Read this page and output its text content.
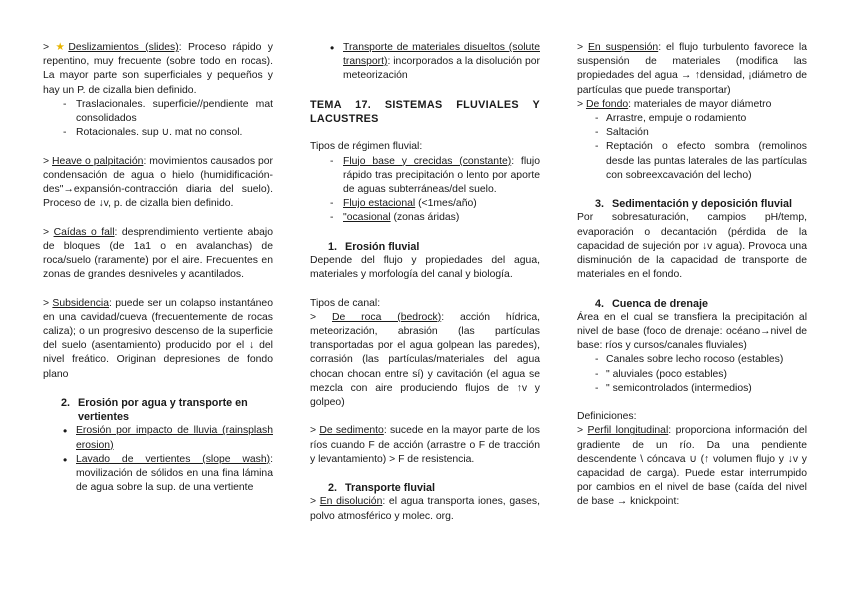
> ★Deslizamientos (slides): Proceso rápido y repentino, muy frecuente (sobre todo en rocas). La mayor parte son superficiales y pequeños y hay un P. de cizalla bien definido.

- Traslacionales. superficie//pendiente mat consolidados
- Rotacionales. sup ∪. mat no consol.

> Heave o palpitación: movimientos causados por condensación de agua o hielo (humidificación-des"→expansión-contracción diaria del suelo). Proceso de ↓v, p. de cizalla bien definido.

> Caídas o fall: desprendimiento vertiente abajo de bloques (de 1a1 o en avalanchas) de roca/suelo (raramente) por el aire. Frecuentes en zonas de grandes desniveles y acantilados.

> Subsidencia: puede ser un colapso instantáneo en una cavidad/cueva (frecuentemente de rocas caliza); o un progresivo descenso de la superficie del suelo (asentamiento) producido por el ↓ del nivel freático. Originan depresiones de fondo plano

2. Erosión por agua y transporte en vertientes
• Erosión por impacto de lluvia (rainsplash erosion)
• Lavado de vertientes (slope wash): movilización de sólidos en una fina lámina de agua sobre la sup. de una vertiente
• Transporte de materiales disueltos (solute transport): incorporados a la disolución por meteorización

TEMA 17. SISTEMAS FLUVIALES Y LACUSTRES

Tipos de régimen fluvial:

- Flujo base y crecidas (constante): flujo rápido tras precipitación o lento por aporte de aguas subterráneas/del suelo.
- Flujo estacional (<1mes/año)
- "ocasional (zonas áridas)
1. Erosión fluvial

Depende del flujo y propiedades del agua, materiales y morfología del canal y biología.

Tipos de canal:

> De roca (bedrock): acción hídrica, meteorización, abrasión (las partículas transportadas por el agua golpean las paredes), corrasión (las partículas/materiales del agua chocan chocan entre sí) y cavitación (el agua se mezcla con aire produciendo flujos de ↑v y golpeo)

> De sedimento: sucede en la mayor parte de los ríos cuando F de acción (arrastre o F de tracción y levantamiento) > F de resistencia.

2. Transporte fluvial

> En disolución: el agua transporta iones, gases, polvo atmosférico y molec. org.

> En suspensión: el flujo turbulento favorece la suspensión de materiales (modifica las propiedades del agua → ↑densidad, ¡diámetro de partículas que puede transportar)

> De fondo: materiales de mayor diámetro

- Arrastre, empuje o rodamiento
- Saltación
- Reptación o efecto sombra (remolinos desde las puntas laterales de las partículas con sobreexcavación del lecho)
3. Sedimentación y deposición fluvial

Por sobresaturación, campios pH/temp, evaporación o decantación (pérdida de la capacidad de sujeción por ↓v agua). Provoca una disminución de la capacidad de transporte de materiales en el fondo.

4. Cuenca de drenaje

Área en el cual se transfiera la precipitación al nivel de base (foco de drenaje: océano→nivel de base: ríos y cursos/canales fluviales)

- Canales sobre lecho rocoso (estables)
- " aluviales (poco estables)
- " semicontrolados (intermedios)

Definiciones:

> Perfil longitudinal: proporciona información del gradiente de un río. Da una pendiente descendente \ cóncava ∪ (↑ volumen flujo y ↓v y capacidad de carga). Puede estar interrumpido por cambios en el nivel de base (caída del nivel de base → knickpoint:
